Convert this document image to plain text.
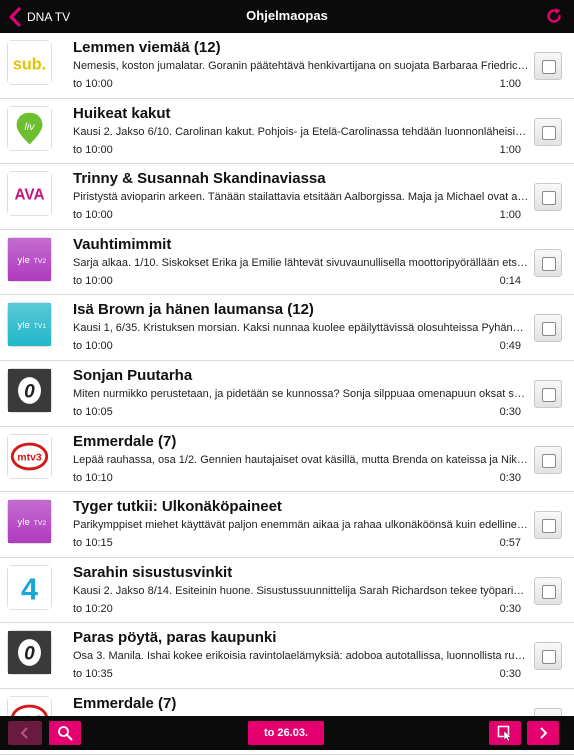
DNA TV	Ohjelmaopas
sub.
Lemmen viemää (12)
Nemesis, koston jumalatar. Goranin päätehtävä henkivartijana on suojata Barbaraa Friedric…
to 10:00	1:00
liv
Huikeat kakut
Kausi 2. Jakso 6/10. Carolinan kakut. Pohjois- ja Etelä-Carolinassa tehdään luonnonläheisi…
to 10:00	1:00
AVA
Trinny & Susannah Skandinaviassa
Piristystä avioparin arkeen. Tänään stailattavia etsitään Aalborgissa. Maja ja Michael ovat a…
to 10:00	1:00
yle TV2
Vauhtimimmit
Sarja alkaa. 1/10. Siskokset Erika ja Emilie lähtevät sivuvaunullisella moottoripyörällään ets…
to 10:00	0:14
yle TV1
Isä Brown ja hänen laumansa (12)
Kausi 1, 6/35. Kristuksen morsian. Kaksi nunnaa kuolee epäilyttävissä olosuhteissa Pyhän…
to 10:00	0:49
0
Sonjan Puutarha
Miten nurmikko perustetaan, ja pidetään se kunnossa? Sonja silppuaa omenapuun oksat s…
to 10:05	0:30
mtv3
Emmerdale (7)
Lepää rauhassa, osa 1/2. Gennien hautajaiset ovat käsillä, mutta Brenda on kateissa ja Nik…
to 10:10	0:30
yle TV2
Tyger tutkii: Ulkonäköpaineet
Parikymppiset miehet käyttävät paljon enemmän aikaa ja rahaa ulkonäköönsä kuin edelline…
to 10:15	0:57
4 Sarahin sisustusvinkit
Kausi 2. Jakso 8/14. Esiteinin huone. Sisustussuunnittelija Sarah Richardson tekee työpari…
to 10:20	0:30
0
Paras pöytä, paras kaupunki
Osa 3. Manila. Ishai kokee erikoisia ravintolaelämyksiä: adoboa autotallissa, luonnollista ru…
to 10:35	0:30
Emmerdale (7)
to 26.03.
